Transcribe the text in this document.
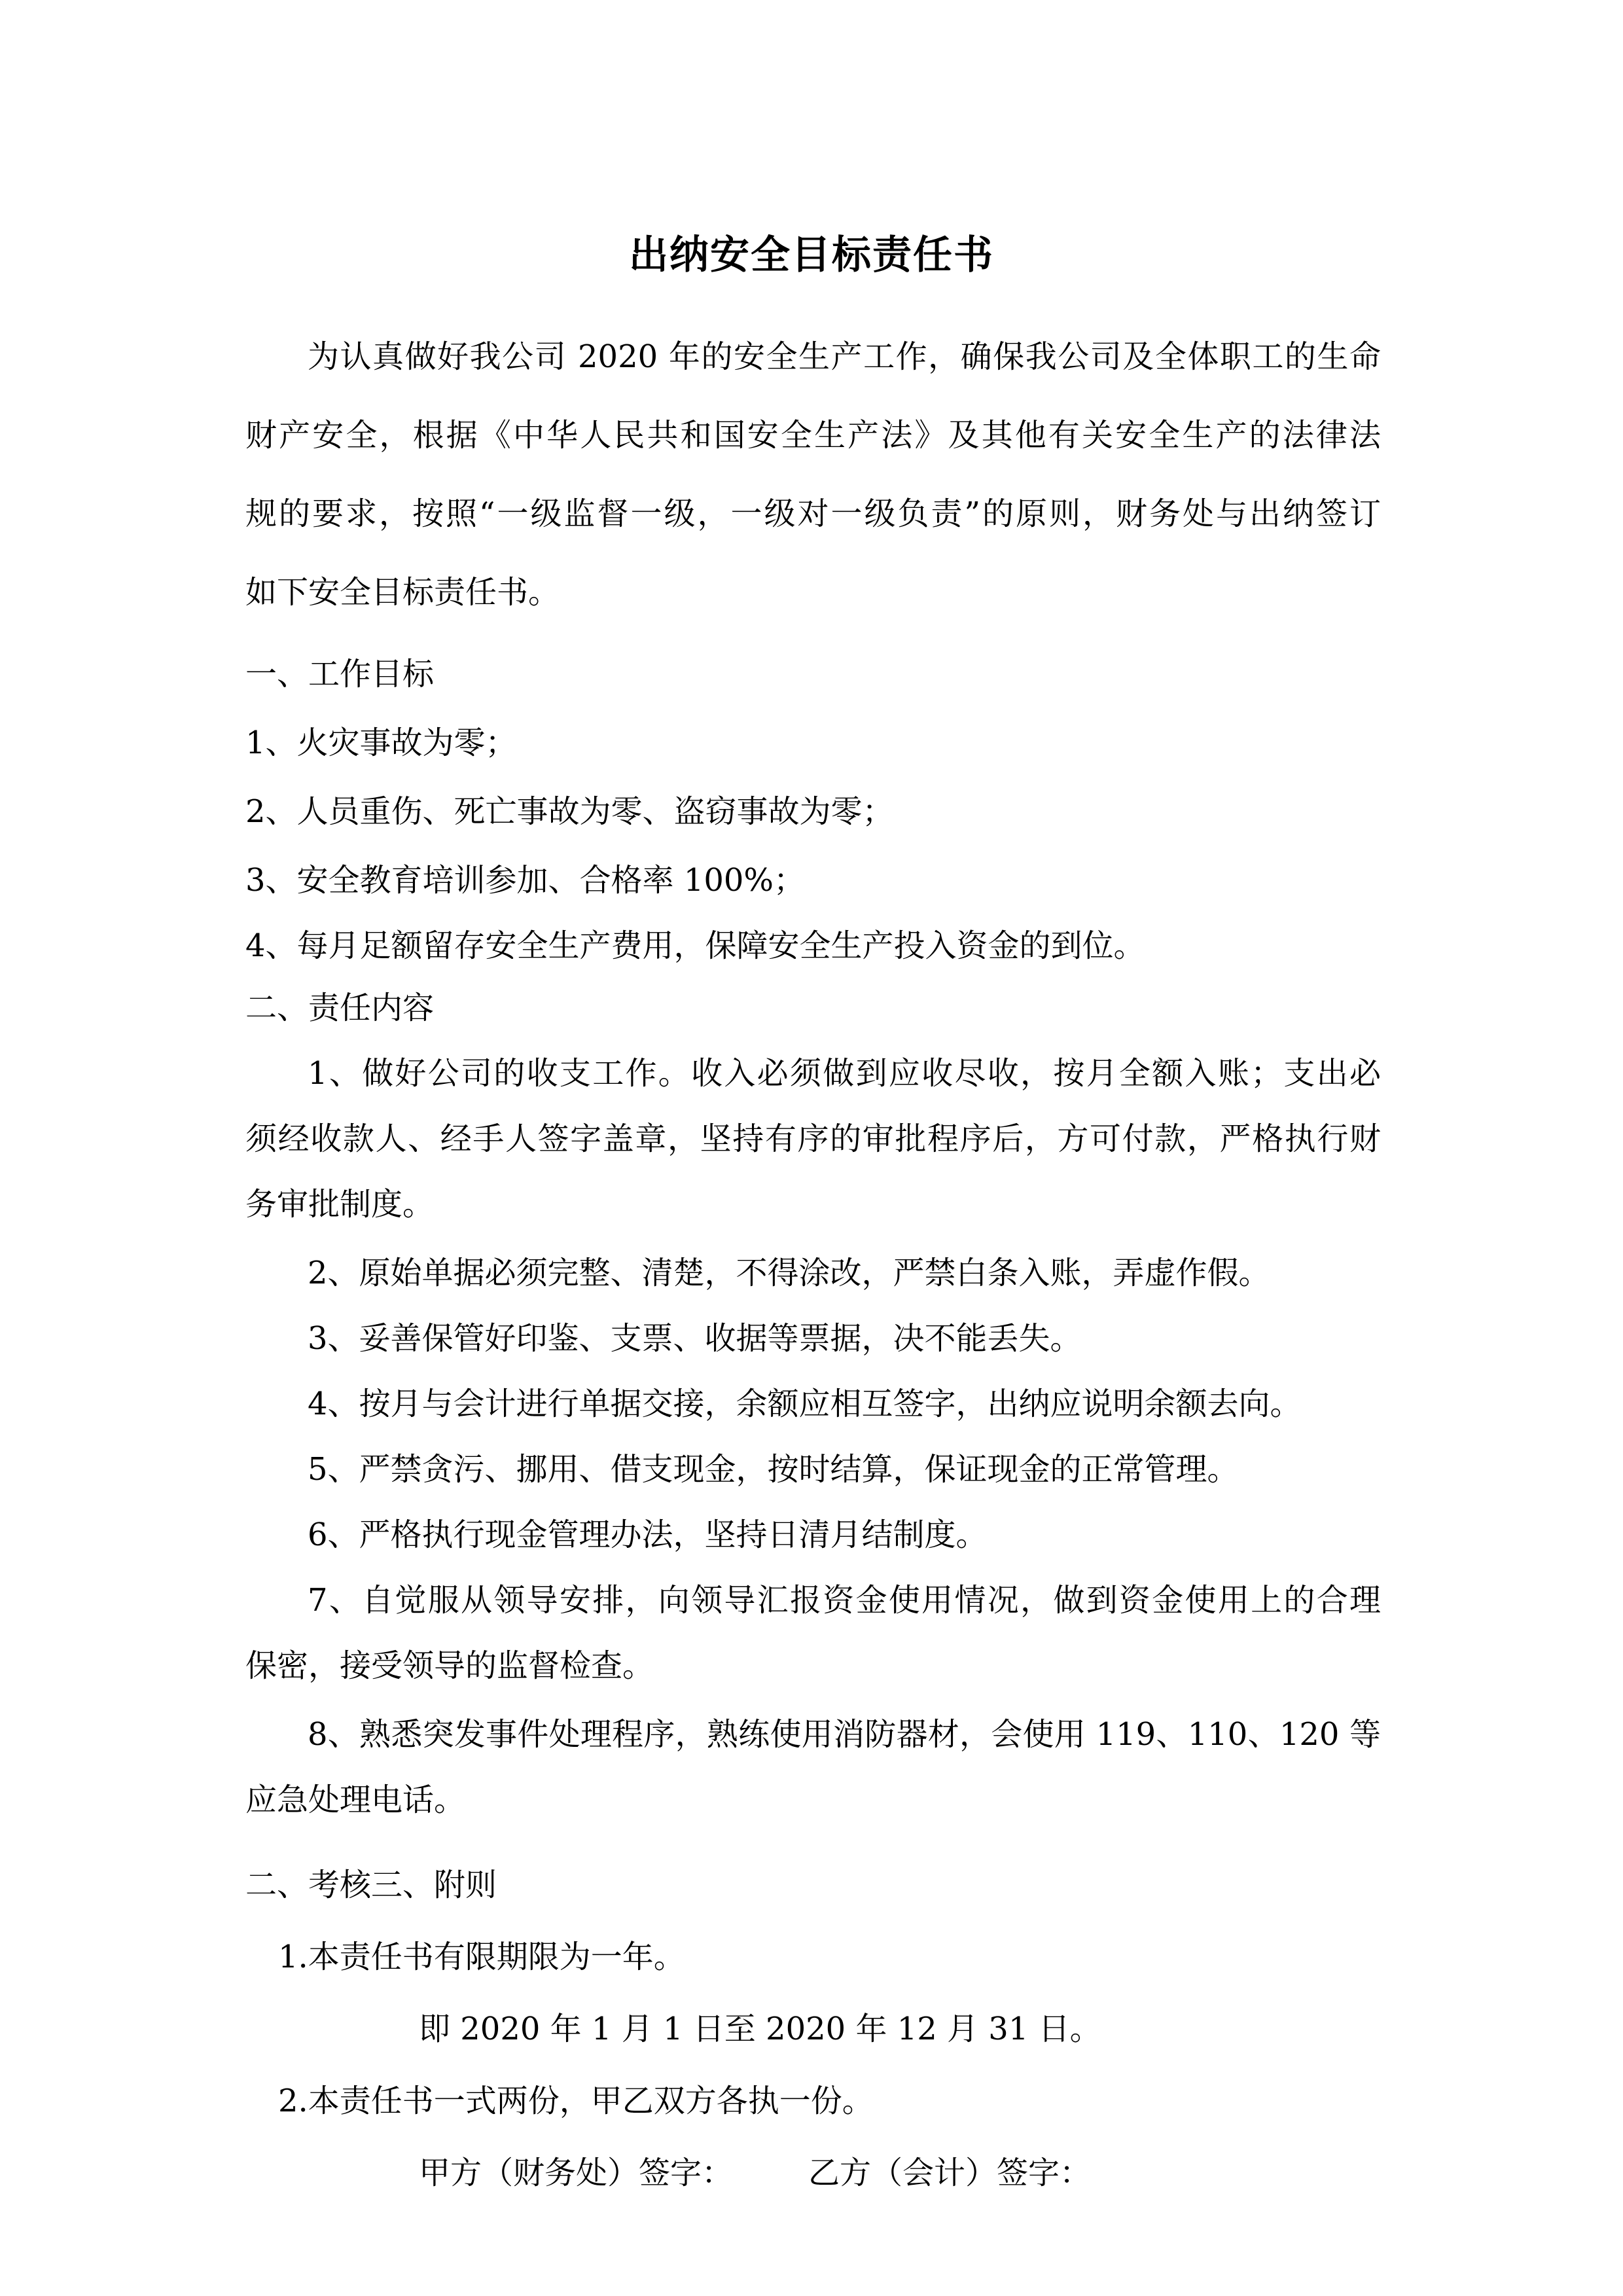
出纳安全目标责任书
为认真做好我公司 2020 年的安全生产工作，确保我公司及全体职工的生命
财产安全，根据《中华人民共和国安全生产法》及其他有关安全生产的法律法
规的要求，按照“一级监督一级，一级对一级负责”的原则，财务处与出纳签订
如下安全目标责任书。
一、工作目标
1、火灾事故为零；
2、人员重伤、死亡事故为零、盗窃事故为零；
3、安全教育培训参加、合格率 100%；
4、每月足额留存安全生产费用，保障安全生产投入资金的到位。
二、责任内容
1、做好公司的收支工作。收入必须做到应收尽收，按月全额入账；支出必
须经收款人、经手人签字盖章，坚持有序的审批程序后，方可付款，严格执行财
务审批制度。
2、原始单据必须完整、清楚，不得涂改，严禁白条入账，弄虚作假。
3、妥善保管好印鉴、支票、收据等票据，决不能丢失。
4、按月与会计进行单据交接，余额应相互签字，出纳应说明余额去向。
5、严禁贪污、挪用、借支现金，按时结算，保证现金的正常管理。
6、严格执行现金管理办法，坚持日清月结制度。
7、自觉服从领导安排，向领导汇报资金使用情况，做到资金使用上的合理
保密，接受领导的监督检查。
8、熟悉突发事件处理程序，熟练使用消防器材，会使用 119、110、120 等
应急处理电话。
二、考核三、附则
1.本责任书有限期限为一年。
即 2020 年 1 月 1 日至 2020 年 12 月 31 日。
2.本责任书一式两份，甲乙双方各执一份。
甲方（财务处）签字： 乙方（会计）签字：
